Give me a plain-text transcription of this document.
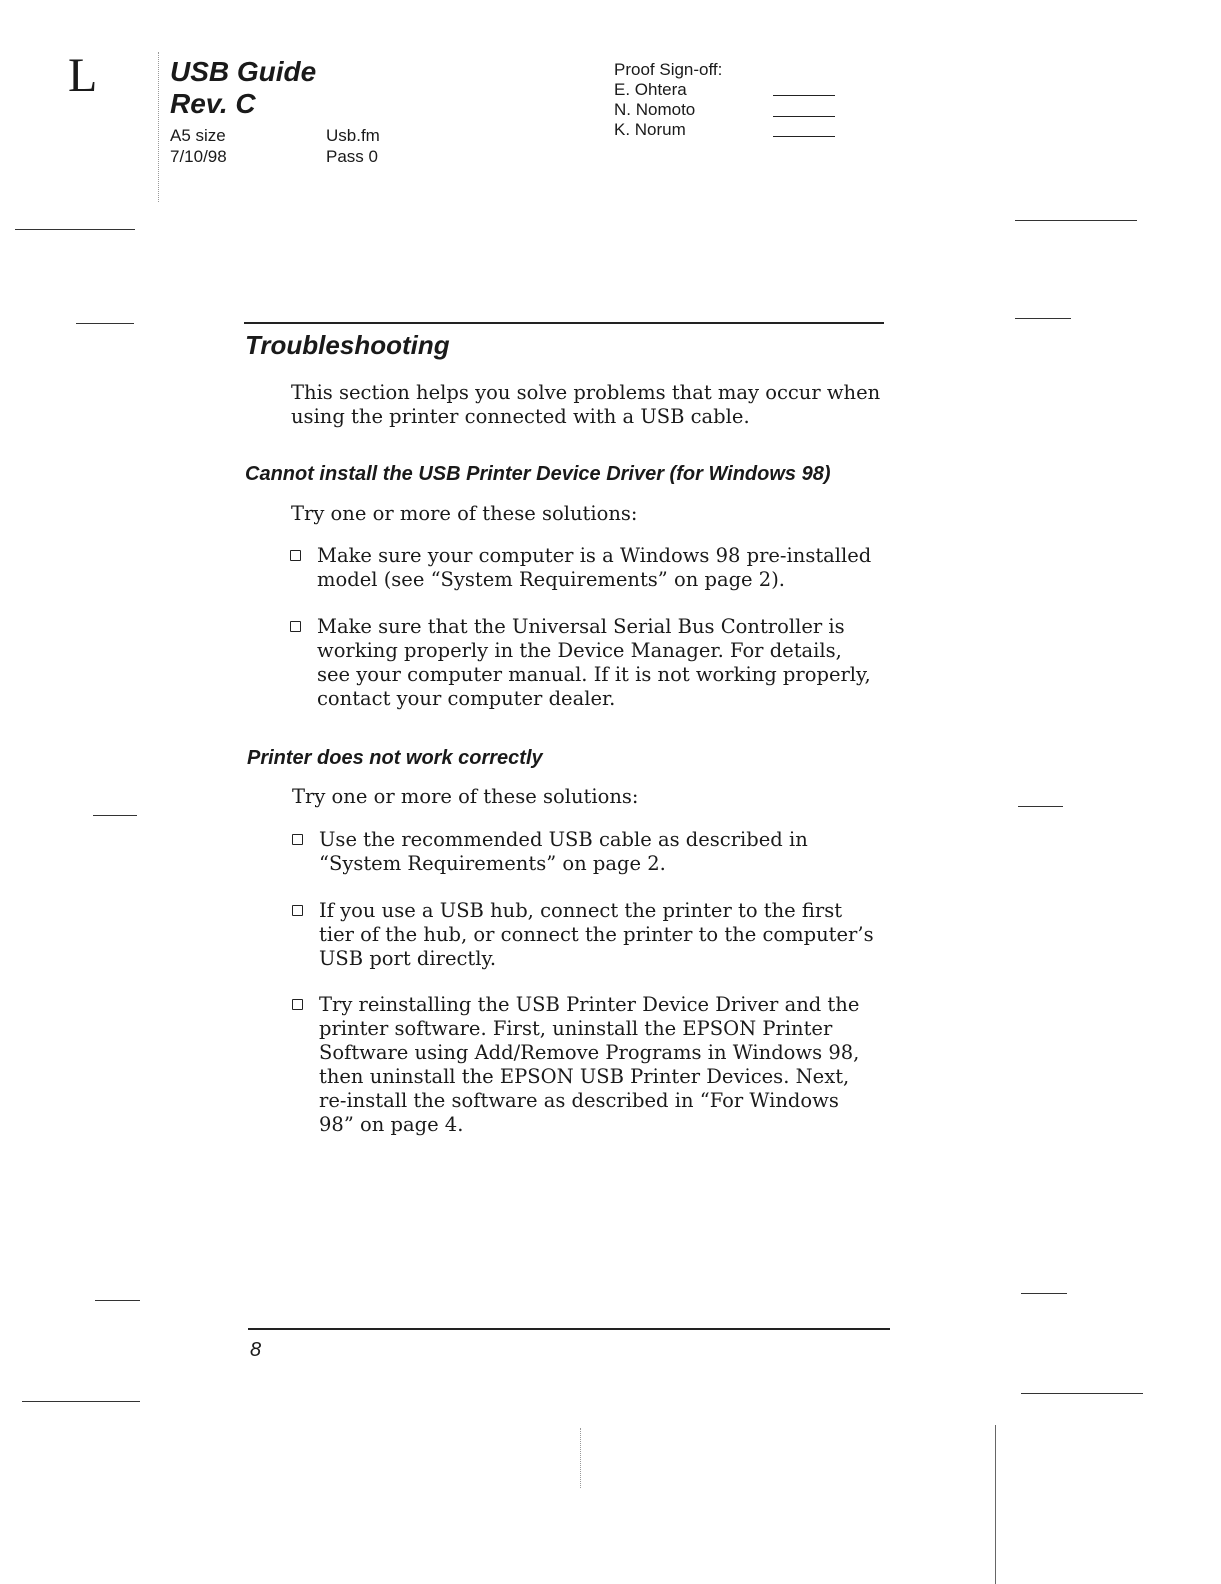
L	USB Guide
Rev. C
A5 size
7/10/98
Usb.fm
Pass 0
Proof Sign-off:
E. Ohtera
N. Nomoto
K. Norum
Troubleshooting
This section helps you solve problems that may occur when using the printer connected with a USB cable.
Cannot install the USB Printer Device Driver (for Windows 98)
Try one or more of these solutions:
Make sure your computer is a Windows 98 pre-installed model (see “System Requirements” on page 2).
Make sure that the Universal Serial Bus Controller is working properly in the Device Manager. For details, see your computer manual. If it is not working properly, contact your computer dealer.
Printer does not work correctly
Try one or more of these solutions:
Use the recommended USB cable as described in “System Requirements” on page 2.
If you use a USB hub, connect the printer to the first tier of the hub, or connect the printer to the computer’s USB port directly.
Try reinstalling the USB Printer Device Driver and the printer software. First, uninstall the EPSON Printer Software using Add/Remove Programs in Windows 98, then uninstall the EPSON USB Printer Devices. Next, re-install the software as described in “For Windows 98” on page 4.
8
